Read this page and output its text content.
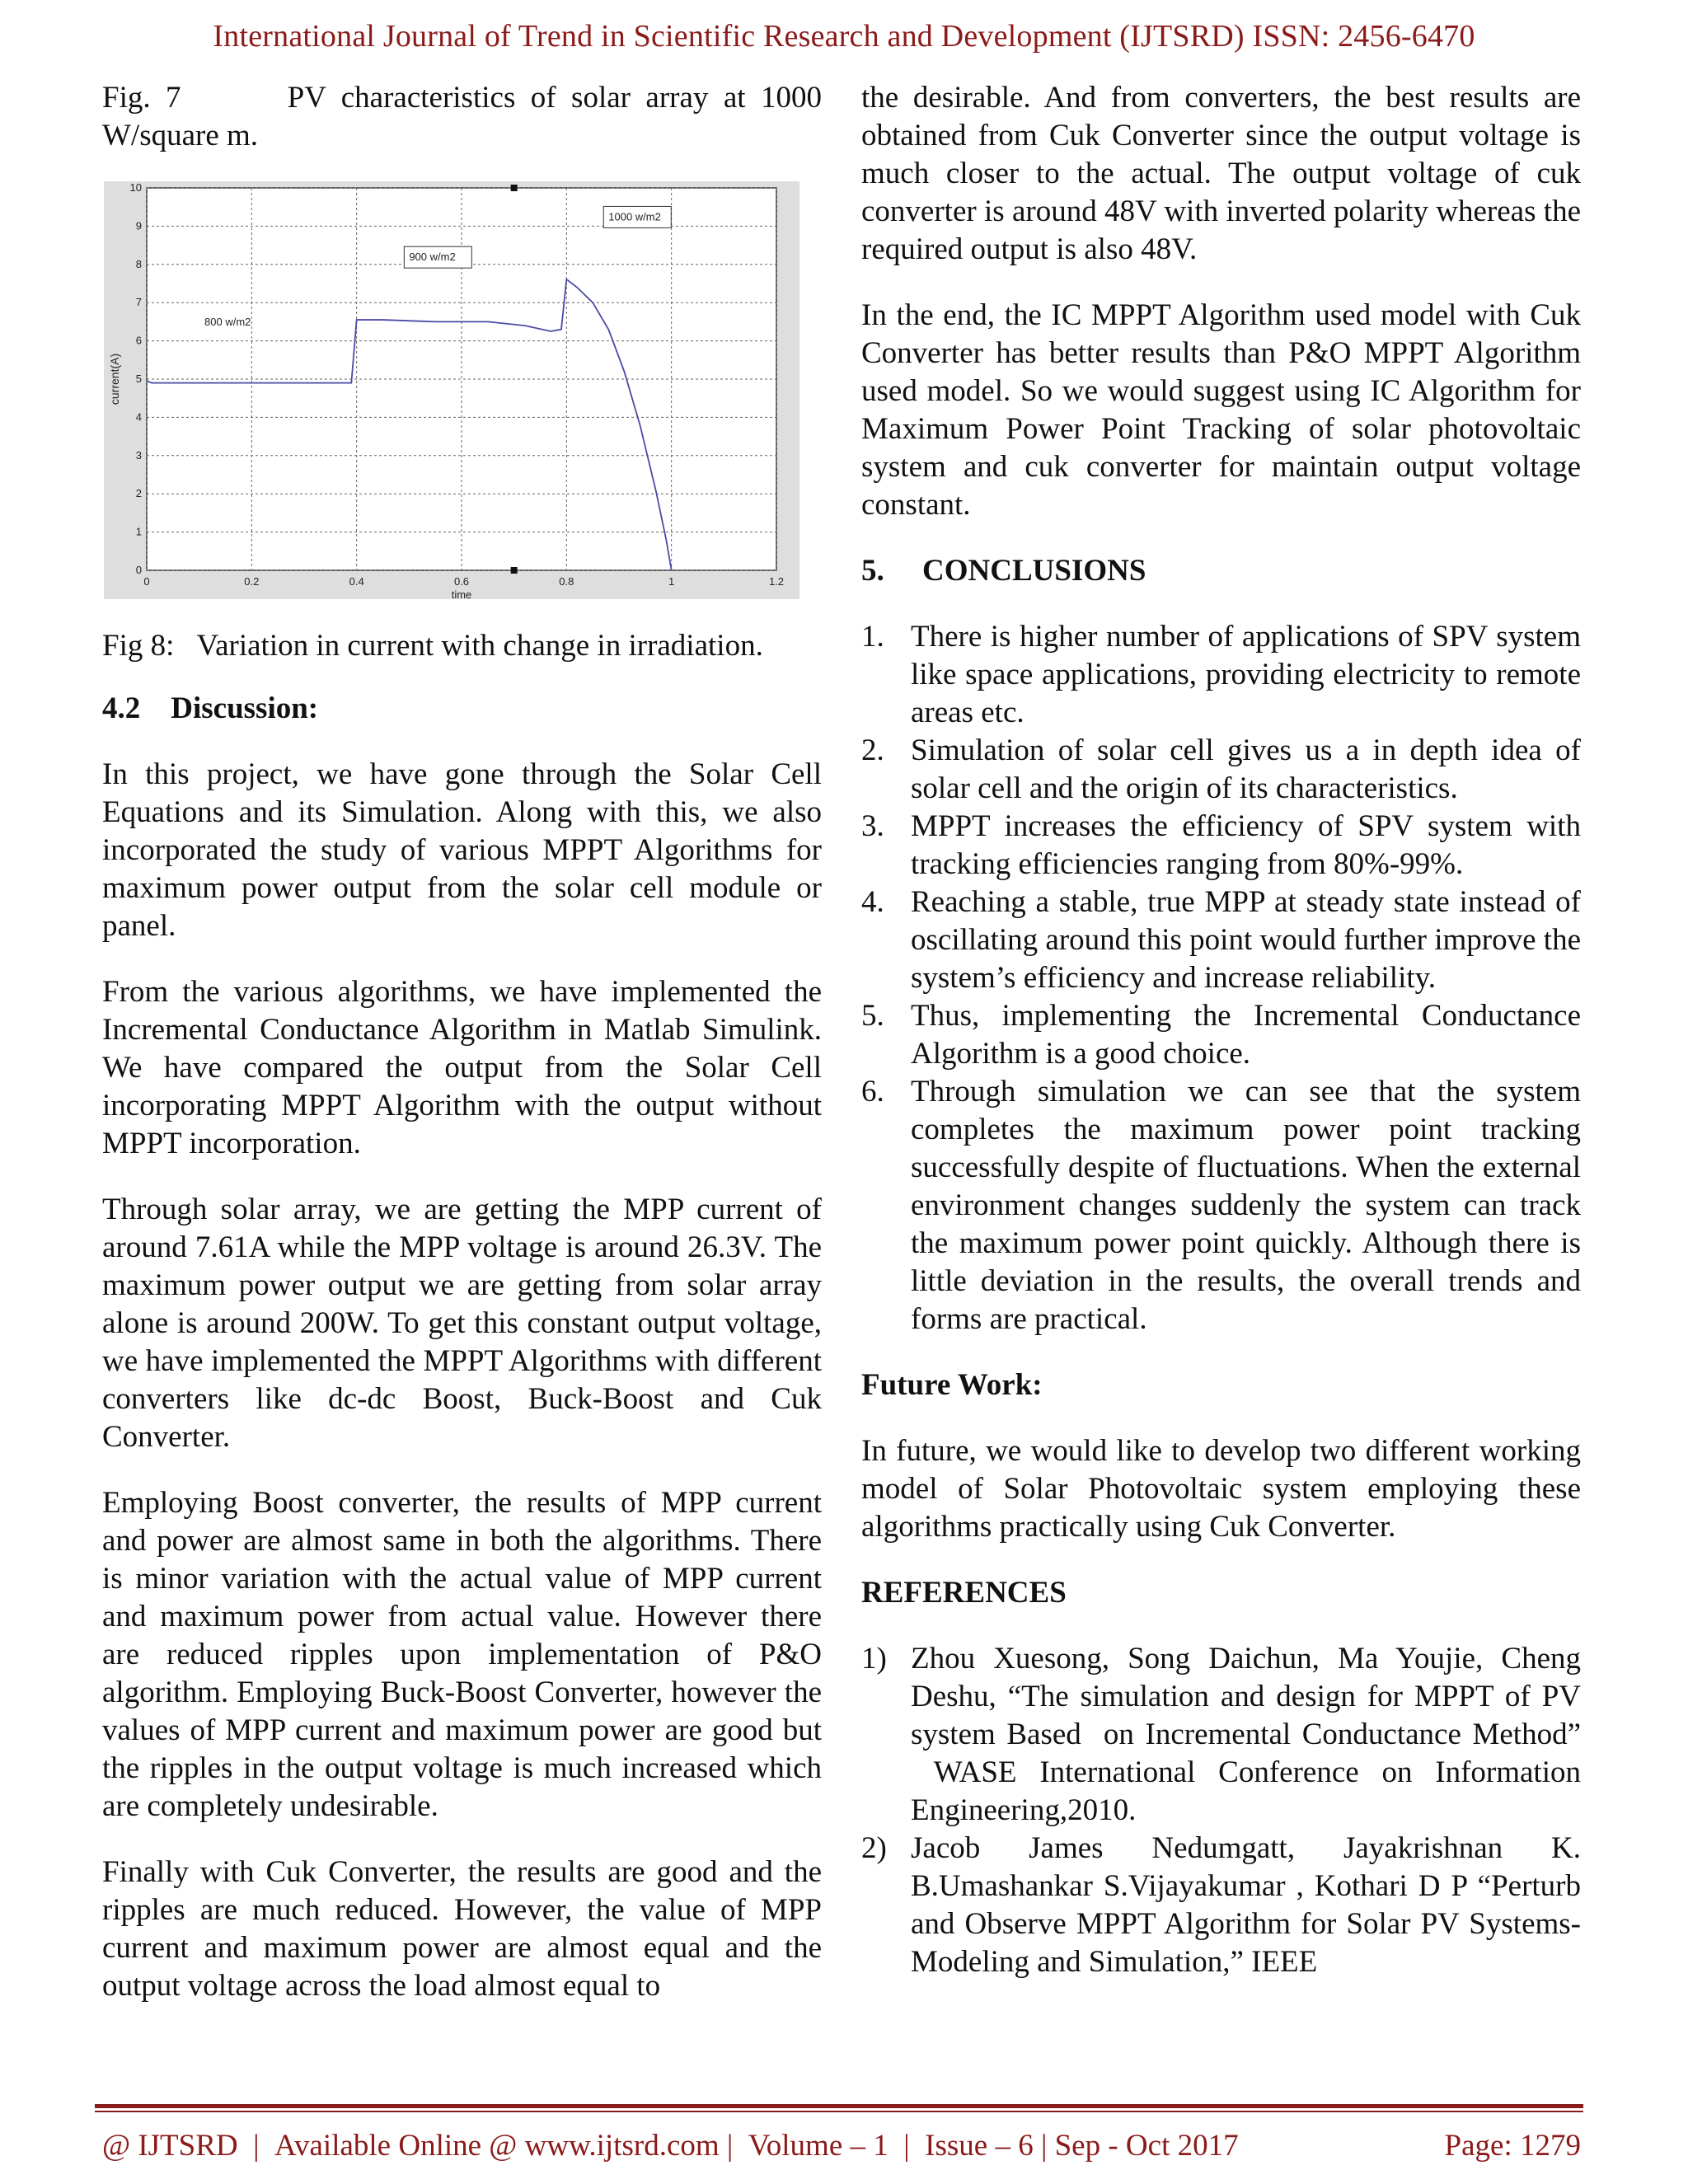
International Journal of Trend in Scientific Research and Development (IJTSRD) ISSN: 2456-6470

Fig. 7       PV characteristics of solar array at 1000 W/square m.

0	0.2	0.4	0.6	0.8	1	1.2
0
1
2
3
4
5
6
7
8
9
10
time
current(A)
800 w/m2
900 w/m2
1000 w/m2

Fig 8:   Variation in current with change in irradiation.

4.2    Discussion:

In this project, we have gone through the Solar Cell Equations and its Simulation. Along with this, we also incorporated the study of various MPPT Algorithms for maximum power output from the solar cell module or panel.

From the various algorithms, we have implemented the Incremental Conductance Algorithm in Matlab Simulink. We have compared the output from the Solar Cell incorporating MPPT Algorithm with the output without MPPT incorporation.

Through solar array, we are getting the MPP current of around 7.61A while the MPP voltage is around 26.3V. The maximum power output we are getting from solar array alone is around 200W. To get this constant output voltage, we have implemented the MPPT Algorithms with different converters like dc-dc Boost, Buck-Boost and Cuk Converter.

Employing Boost converter, the results of MPP current and power are almost same in both the algorithms. There is minor variation with the actual value of MPP current and maximum power from actual value. However there are reduced ripples upon implementation of P&O algorithm. Employing Buck-Boost Converter, however the values of MPP current and maximum power are good but the ripples in the output voltage is much increased which are completely undesirable.

Finally with Cuk Converter, the results are good and the ripples are much reduced. However, the value of MPP current and maximum power are almost equal and the output voltage across the load almost equal to

the desirable. And from converters, the best results are obtained from Cuk Converter since the output voltage is much closer to the actual. The output voltage of cuk converter is around 48V with inverted polarity whereas the required output is also 48V.

In the end, the IC MPPT Algorithm used model with Cuk Converter has better results than P&O MPPT Algorithm used model. So we would suggest using IC Algorithm for Maximum Power Point Tracking of solar photovoltaic system and cuk converter for maintain output voltage constant.

5.     CONCLUSIONS

1. There is higher number of applications of SPV system like space applications, providing electricity to remote areas etc.
2. Simulation of solar cell gives us a in depth idea of solar cell and the origin of its characteristics.
3. MPPT increases the efficiency of SPV system with tracking efficiencies ranging from 80%-99%.
4. Reaching a stable, true MPP at steady state instead of oscillating around this point would further improve the system’s efficiency and increase reliability.
5. Thus, implementing the Incremental Conductance Algorithm is a good choice.
6. Through simulation we can see that the system completes the maximum power point tracking successfully despite of fluctuations. When the external environment changes suddenly the system can track the maximum power point quickly. Although there is little deviation in the results, the overall trends and forms are practical.

Future Work:

In future, we would like to develop two different working model of Solar Photovoltaic system employing these algorithms practically using Cuk Converter.

REFERENCES

1) Zhou Xuesong, Song Daichun, Ma Youjie, Cheng Deshu, “The simulation and design for MPPT of PV system Based  on Incremental Conductance Method”  WASE International Conference on Information Engineering,2010.
2) Jacob James Nedumgatt, Jayakrishnan K. B.Umashankar S.Vijayakumar , Kothari D P “Perturb and Observe MPPT Algorithm for Solar PV Systems-Modeling and Simulation,” IEEE
@ IJTSRD  |  Available Online @ www.ijtsrd.com |  Volume – 1  |  Issue – 6 | Sep - Oct 2017	Page: 1279
